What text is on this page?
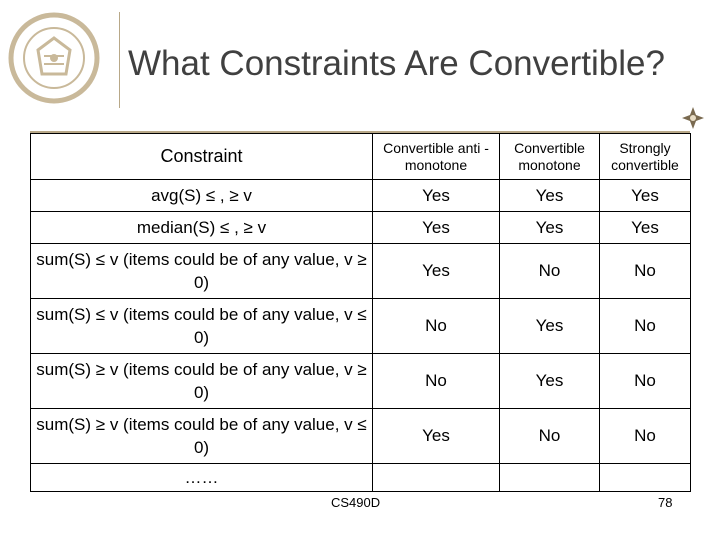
What Constraints Are Convertible?
Constraint	Convertible anti -monotone	Convertible monotone	Strongly convertible
avg(S) ≤ , ≥ v	Yes	Yes	Yes
median(S) ≤ , ≥ v	Yes	Yes	Yes
sum(S) ≤ v (items could be of any value, v ≥ 0)	Yes	No	No
sum(S) ≤ v (items could be of any value, v ≤ 0)	No	Yes	No
sum(S) ≥ v (items could be of any value, v ≥ 0)	No	Yes	No
sum(S) ≥ v (items could be of any value, v ≤ 0)	Yes	No	No
……			
CS490D	78
